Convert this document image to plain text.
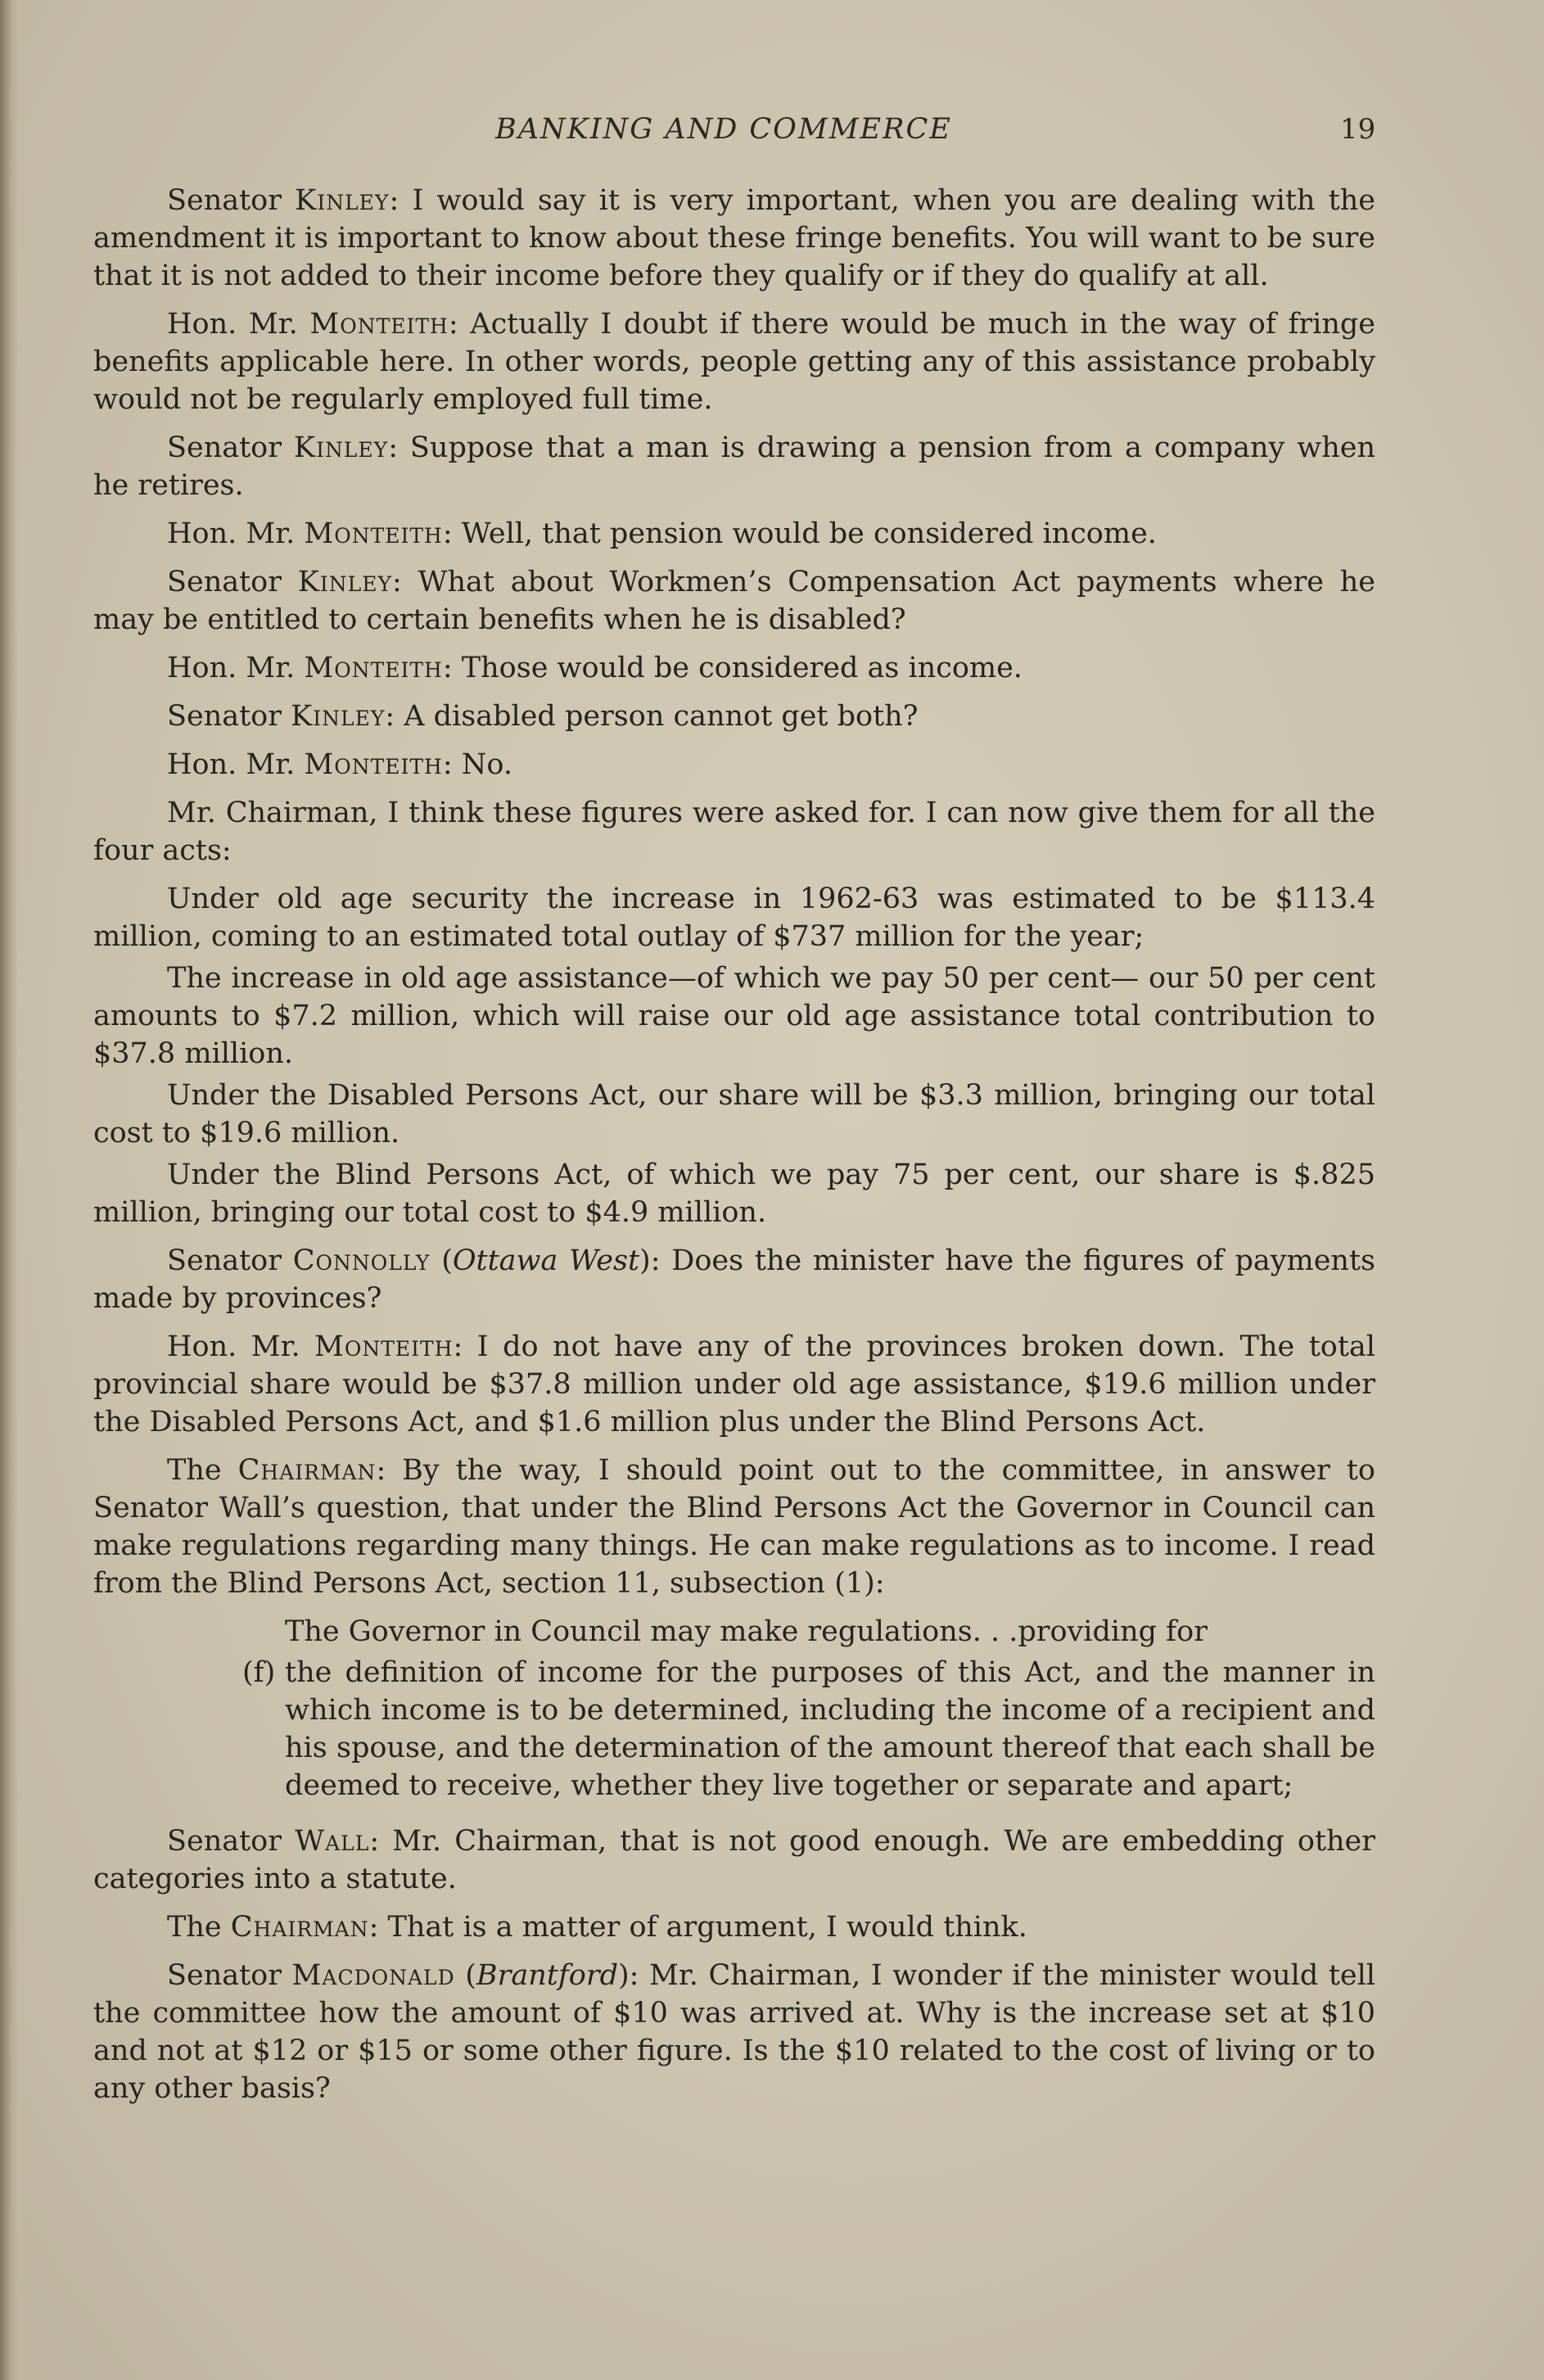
BANKING AND COMMERCE	19

Senator Kinley: I would say it is very important, when you are dealing with the amendment it is important to know about these fringe benefits. You will want to be sure that it is not added to their income before they qualify or if they do qualify at all.

Hon. Mr. Monteith: Actually I doubt if there would be much in the way of fringe benefits applicable here. In other words, people getting any of this assistance probably would not be regularly employed full time.

Senator Kinley: Suppose that a man is drawing a pension from a company when he retires.

Hon. Mr. Monteith: Well, that pension would be considered income.

Senator Kinley: What about Workmen’s Compensation Act payments where he may be entitled to certain benefits when he is disabled?

Hon. Mr. Monteith: Those would be considered as income.

Senator Kinley: A disabled person cannot get both?

Hon. Mr. Monteith: No.

Mr. Chairman, I think these figures were asked for. I can now give them for all the four acts:

Under old age security the increase in 1962-63 was estimated to be $113.4 million, coming to an estimated total outlay of $737 million for the year;

The increase in old age assistance—of which we pay 50 per cent— our 50 per cent amounts to $7.2 million, which will raise our old age assistance total contribution to $37.8 million.

Under the Disabled Persons Act, our share will be $3.3 million, bringing our total cost to $19.6 million.

Under the Blind Persons Act, of which we pay 75 per cent, our share is $.825 million, bringing our total cost to $4.9 million.

Senator Connolly (Ottawa West): Does the minister have the figures of payments made by provinces?

Hon. Mr. Monteith: I do not have any of the provinces broken down. The total provincial share would be $37.8 million under old age assistance, $19.6 million under the Disabled Persons Act, and $1.6 million plus under the Blind Persons Act.

The Chairman: By the way, I should point out to the committee, in answer to Senator Wall’s question, that under the Blind Persons Act the Governor in Council can make regulations regarding many things. He can make regulations as to income. I read from the Blind Persons Act, section 11, subsection (1):

The Governor in Council may make regulations. . .providing for

(f) the definition of income for the purposes of this Act, and the manner in which income is to be determined, including the income of a recipient and his spouse, and the determination of the amount thereof that each shall be deemed to receive, whether they live together or separate and apart;

Senator Wall: Mr. Chairman, that is not good enough. We are embedding other categories into a statute.

The Chairman: That is a matter of argument, I would think.

Senator Macdonald (Brantford): Mr. Chairman, I wonder if the minister would tell the committee how the amount of $10 was arrived at. Why is the increase set at $10 and not at $12 or $15 or some other figure. Is the $10 related to the cost of living or to any other basis?
